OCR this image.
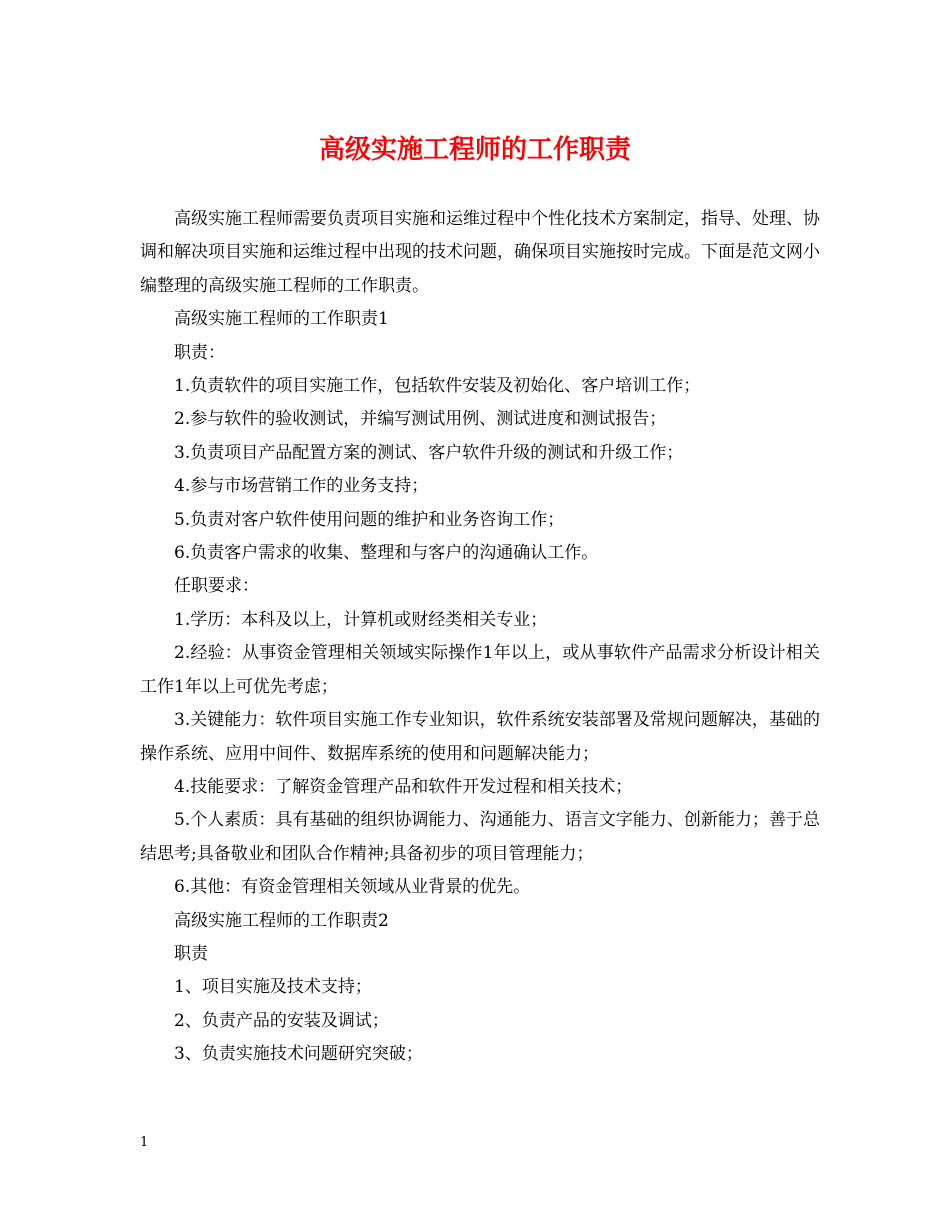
高级实施工程师的工作职责

高级实施工程师需要负责项目实施和运维过程中个性化技术方案制定，指导、处理、协调和解决项目实施和运维过程中出现的技术问题，确保项目实施按时完成。下面是范文网小编整理的高级实施工程师的工作职责。

高级实施工程师的工作职责1

职责：

1.负责软件的项目实施工作，包括软件安装及初始化、客户培训工作；

2.参与软件的验收测试，并编写测试用例、测试进度和测试报告；

3.负责项目产品配置方案的测试、客户软件升级的测试和升级工作；

4.参与市场营销工作的业务支持；

5.负责对客户软件使用问题的维护和业务咨询工作；

6.负责客户需求的收集、整理和与客户的沟通确认工作。

任职要求：

1.学历：本科及以上，计算机或财经类相关专业；

2.经验：从事资金管理相关领域实际操作1年以上，或从事软件产品需求分析设计相关工作1年以上可优先考虑；

3.关键能力：软件项目实施工作专业知识，软件系统安装部署及常规问题解决，基础的操作系统、应用中间件、数据库系统的使用和问题解决能力；

4.技能要求：了解资金管理产品和软件开发过程和相关技术；

5.个人素质：具有基础的组织协调能力、沟通能力、语言文字能力、创新能力；善于总结思考;具备敬业和团队合作精神;具备初步的项目管理能力；

6.其他：有资金管理相关领域从业背景的优先。

高级实施工程师的工作职责2

职责

1、项目实施及技术支持；

2、负责产品的安装及调试；

3、负责实施技术问题研究突破；

1
